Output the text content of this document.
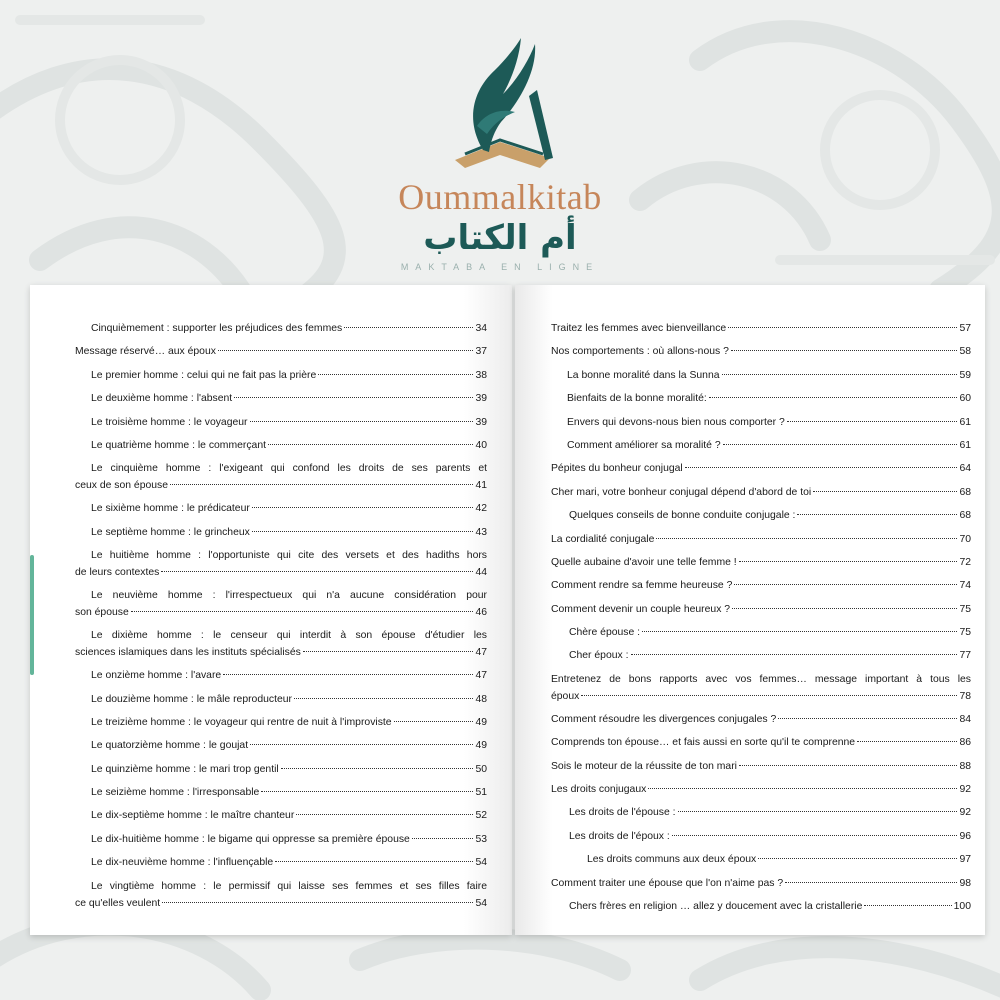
Oummalkitab
أم الكتاب
MAKTABA EN LIGNE
Cinquièmement : supporter les préjudices des femmes	34
Message réservé… aux époux	37
Le premier homme : celui qui ne fait pas la prière	38
Le deuxième homme : l'absent	39
Le troisième homme : le voyageur	39
Le quatrième homme : le commerçant	40
Le cinquième homme : l'exigeant qui confond les droits de ses parents et
ceux de son épouse	41
Le sixième homme : le prédicateur	42
Le septième homme : le grincheux	43
Le huitième homme : l'opportuniste qui cite des versets et des hadiths hors
de leurs contextes	44
Le neuvième homme : l'irrespectueux qui n'a aucune considération pour
son épouse	46
Le dixième homme : le censeur qui interdit à son épouse d'étudier les
sciences islamiques dans les instituts spécialisés	47
Le onzième homme : l'avare	47
Le douzième homme : le mâle reproducteur	48
Le treizième homme : le voyageur qui rentre de nuit à l'improviste	49
Le quatorzième homme : le goujat	49
Le quinzième homme : le mari trop gentil	50
Le seizième homme : l'irresponsable	51
Le dix-septième homme : le maître chanteur	52
Le dix-huitième homme : le bigame qui oppresse sa première épouse	53
Le dix-neuvième homme : l'influençable	54
Le vingtième homme : le permissif qui laisse ses femmes et ses filles faire
ce qu'elles veulent	54
Traitez les femmes avec bienveillance	57
Nos comportements : où allons-nous ?	58
La bonne moralité dans la Sunna	59
Bienfaits de la bonne moralité:	60
Envers qui devons-nous bien nous comporter ?	61
Comment améliorer sa moralité ?	61
Pépites du bonheur conjugal	64
Cher mari, votre bonheur conjugal dépend d'abord de toi	68
Quelques conseils de bonne conduite conjugale :	68
La cordialité conjugale	70
Quelle aubaine d'avoir une telle femme !	72
Comment rendre sa femme heureuse ?	74
Comment devenir un couple heureux ?	75
Chère épouse :	75
Cher époux :	77
Entretenez de bons rapports avec vos femmes… message important à tous les
époux	78
Comment résoudre les divergences conjugales ?	84
Comprends ton épouse… et fais aussi en sorte qu'il te comprenne	86
Sois le moteur de la réussite de ton mari	88
Les droits conjugaux	92
Les droits de l'épouse :	92
Les droits de l'époux :	96
Les droits communs aux deux époux	97
Comment traiter une épouse que l'on n'aime pas ?	98
Chers frères en religion … allez y doucement avec la cristallerie	100
